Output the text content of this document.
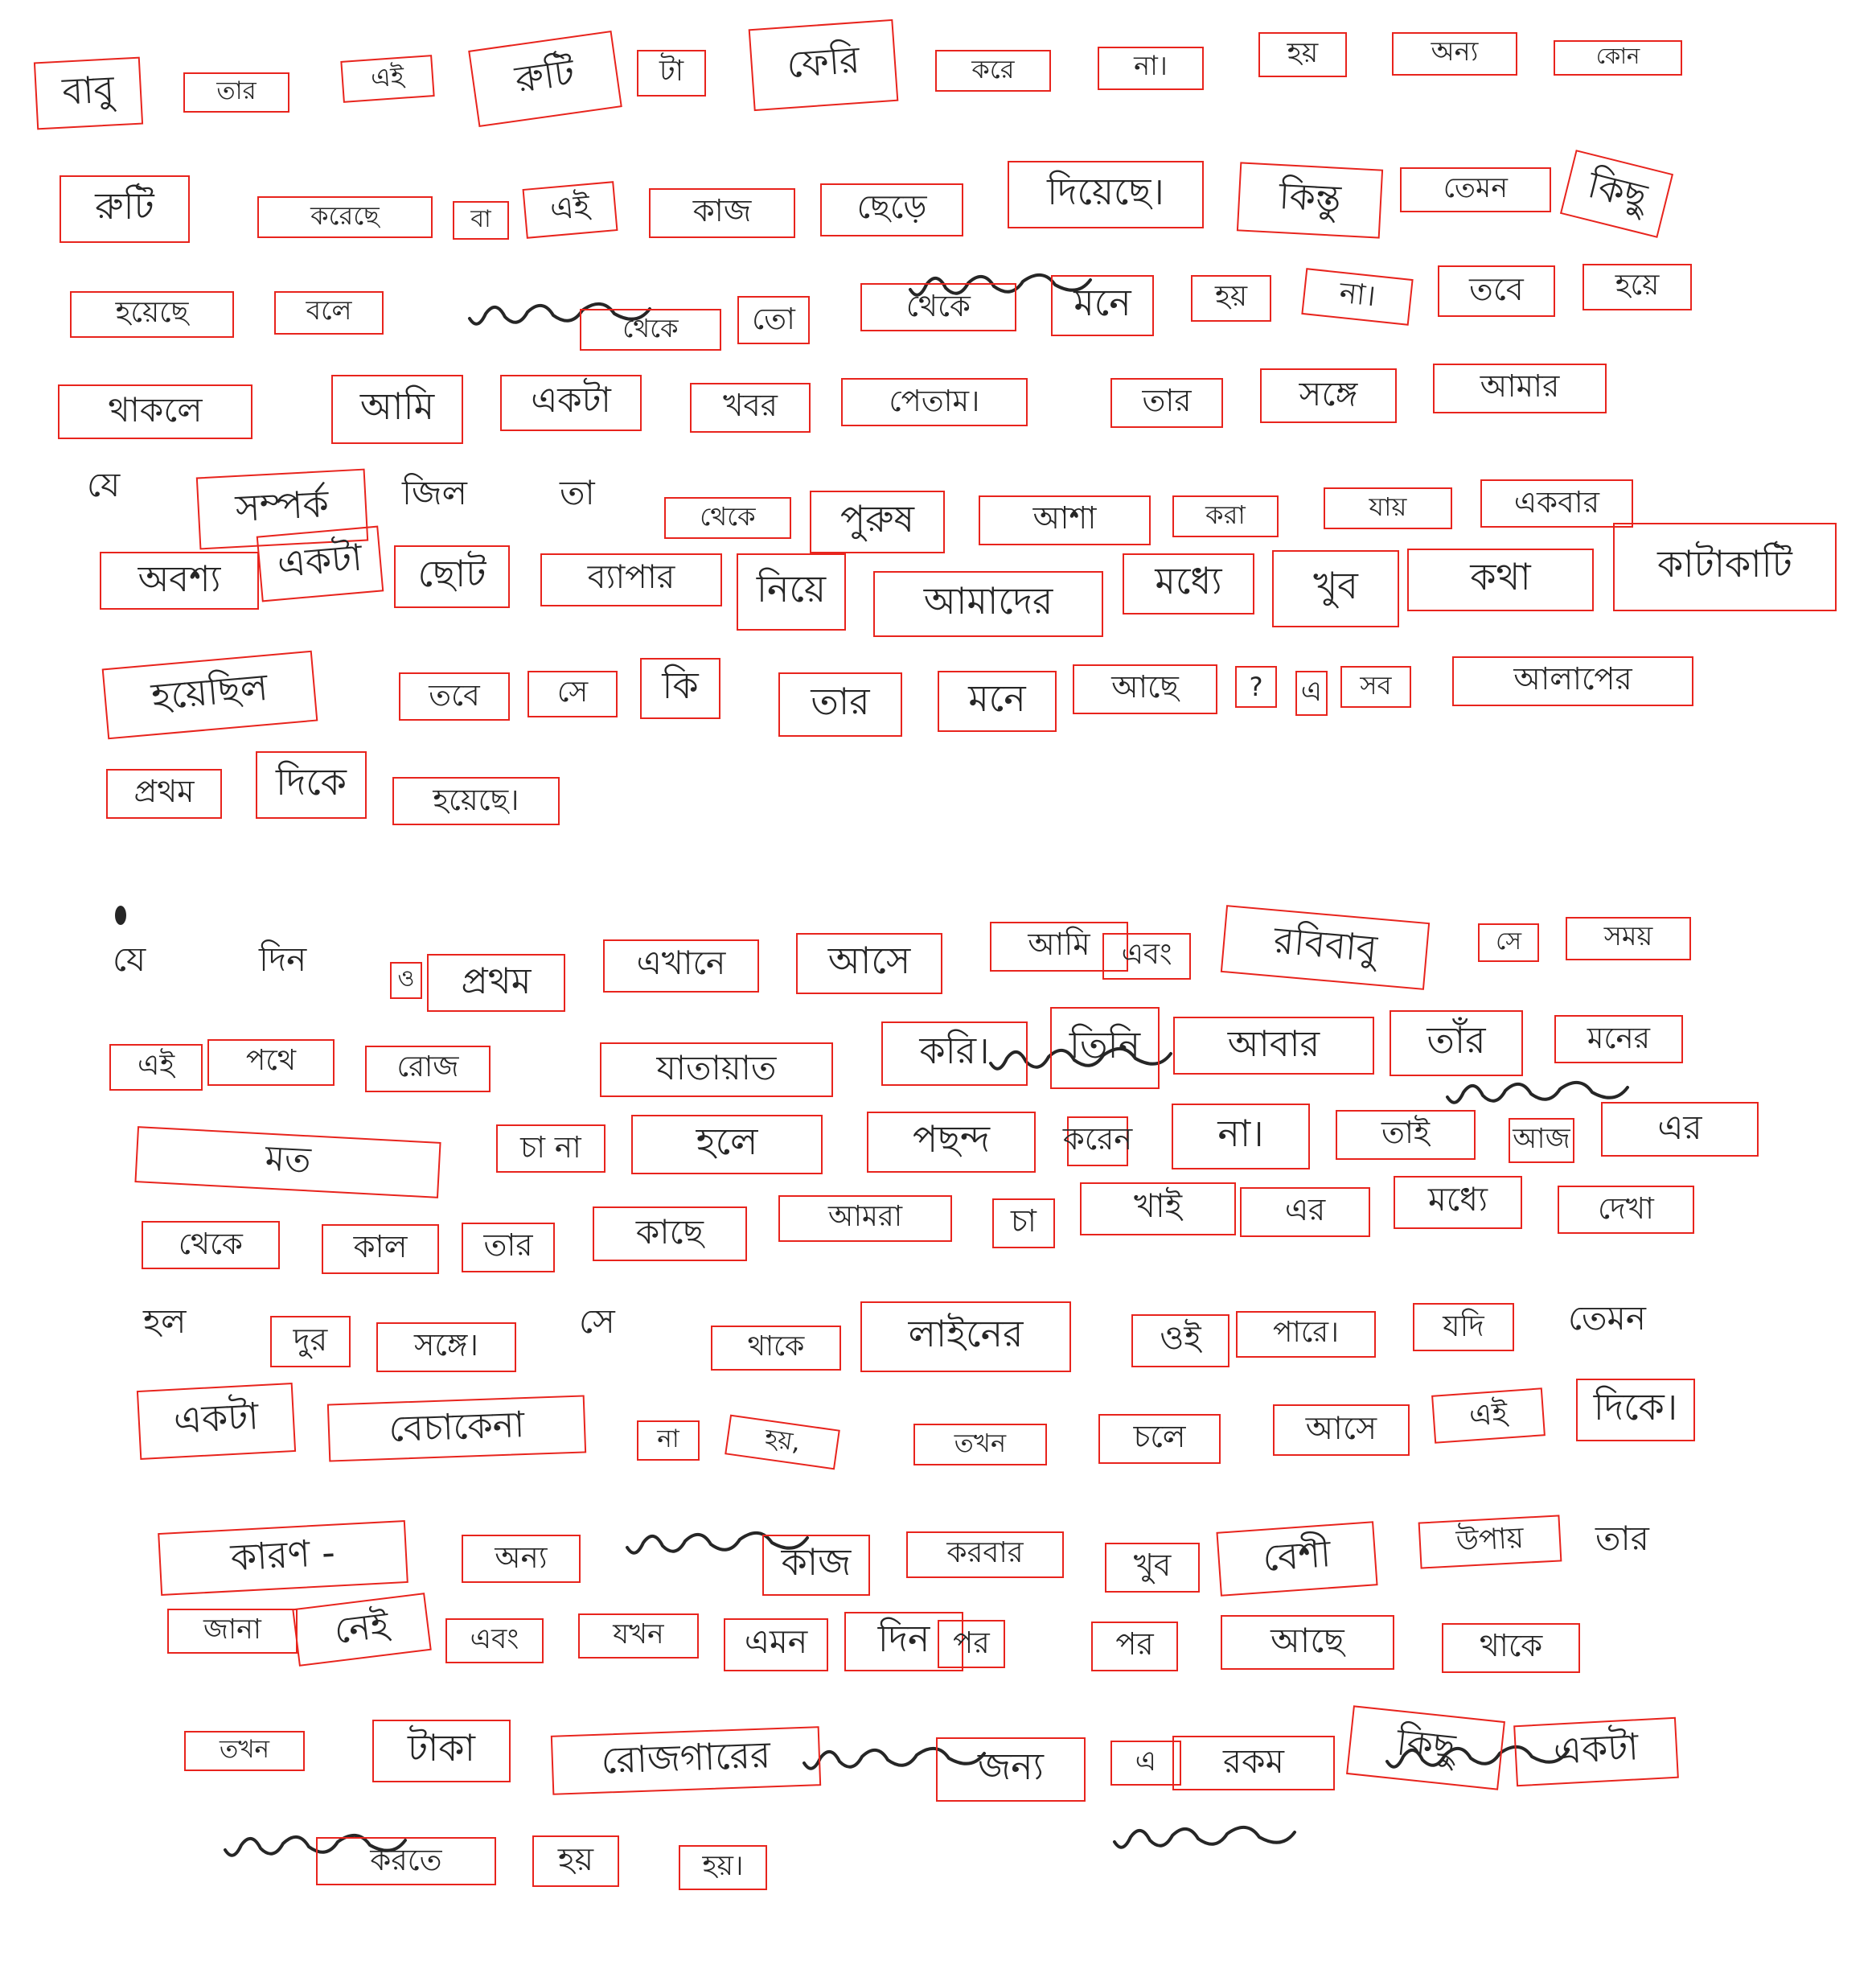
বাবু	তার	এই	রুটি	টা	ফেরি	করে	না।	হয়	অন্য	কোন
রুটি	করেছে	বা	এই	কাজ	ছেড়ে	দিয়েছে।	কিন্তু	তেমন	কিছু
হয়েছে	বলে
থেকে	তো	থেকে	মনে	হয়	না।	তবে	হয়ে
থাকলে	আমি	একটা	খবর	পেতাম।	তার	সঙ্গে	আমার
সম্পর্ক	থেকে	পুরুষ	আশা	করা	যায়	একবার
যে	জিল	তা
অবশ্য	একটা	ছোট	ব্যাপার	নিয়ে	আমাদের	মধ্যে	খুব	কথা	কাটাকাটি
হয়েছিল	তবে	সে	কি	তার	মনে	আছে	?	এ	সব	আলাপের
প্রথম	দিকে	হয়েছে।
ও	প্রথম	এখানে	আসে	আমি	এবং	রবিবাবু	সে	সময়
যে	দিন
এই	পথে	রোজ	যাতায়াত	করি।	তিনি	আবার	তাঁর	মনের
মত	চা না	হলে	পছন্দ	করেন	না।	তাই	আজ	এর
থেকে	কাল	তার	কাছে	আমরা	চা	খাই	এর	মধ্যে	দেখা
দুর	সঙ্গে।	থাকে	লাইনের	ওই	পারে।	যদি
হল	সে	তেমন
একটা	বেচাকেনা	না	হয়,	তখন	চলে	আসে	এই	দিকে।
কারণ -	অন্য	কাজ	করবার	খুব	বেশী	উপায়	তার
জানা	নেই	এবং	যখন	এমন	দিন পর	পর	আছে	থাকে
তখন	টাকা	রোজগারের	জন্য	এ	রকম	কিছু	একটা
করতে	হয়	হয়।
